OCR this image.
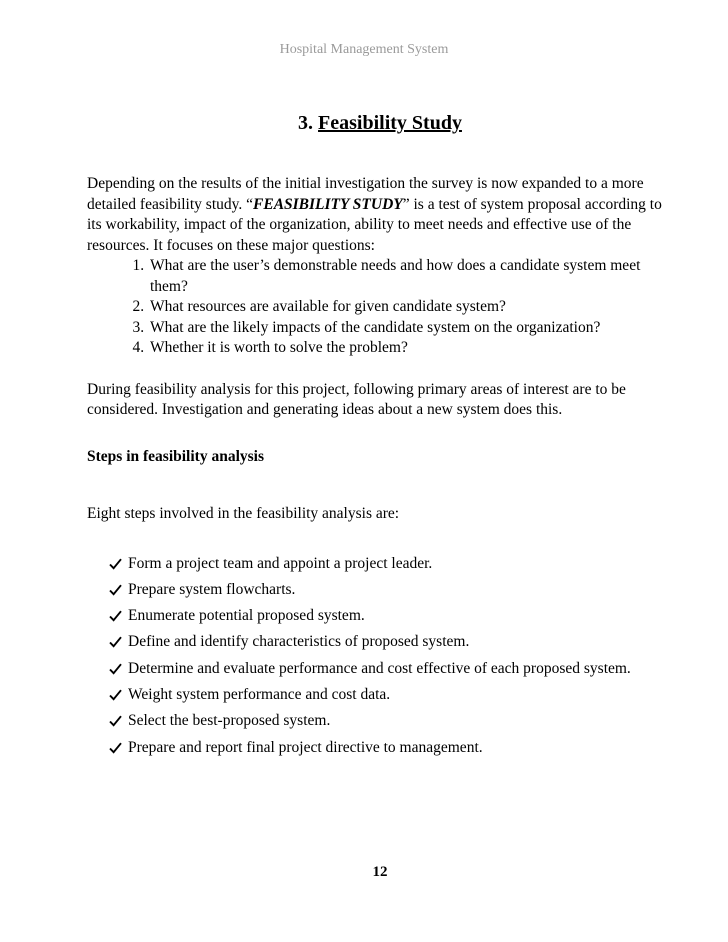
Hospital Management System
3. Feasibility Study

Depending on the results of the initial investigation the survey is now expanded to a more detailed feasibility study. “FEASIBILITY STUDY” is a test of system proposal according to its workability, impact of the organization, ability to meet needs and effective use of the resources. It focuses on these major questions:

1. What are the user’s demonstrable needs and how does a candidate system meet them?
2. What resources are available for given candidate system?
3. What are the likely impacts of the candidate system on the organization?
4. Whether it is worth to solve the problem?

During feasibility analysis for this project, following primary areas of interest are to be considered. Investigation and generating ideas about a new system does this.

Steps in feasibility analysis

Eight steps involved in the feasibility analysis are:

Form a project team and appoint a project leader.
Prepare system flowcharts.
Enumerate potential proposed system.
Define and identify characteristics of proposed system.
Determine and evaluate performance and cost effective of each proposed system.
Weight system performance and cost data.
Select the best-proposed system.
Prepare and report final project directive to management.
12
